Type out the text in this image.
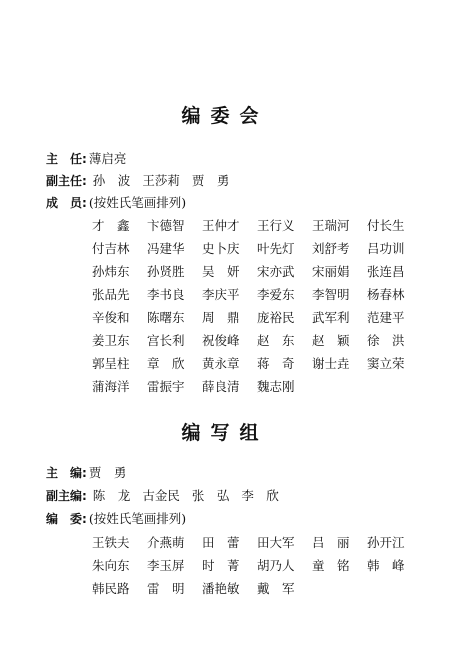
编委会
主　任: 薄启亮
副主任: 孙　波 王莎莉 贾　勇
成　员: (按姓氏笔画排列)
才　鑫	卞德智	王仲才	王行义	王瑞河	付长生
付吉林	冯建华	史卜庆	叶先灯	刘舒考	吕功训
孙炜东	孙贤胜	吴　妍	宋亦武	宋丽娟	张连昌
张品先	李书良	李庆平	李爱东	李智明	杨春林
辛俊和	陈曙东	周　鼎	庞裕民	武军利	范建平
姜卫东	宫长利	祝俊峰	赵　东	赵　颖	徐　洪
郭呈柱	章　欣	黄永章	蒋　奇	谢士垚	窦立荣
蒲海洋	雷振宇	薛良清	魏志刚
编写组
主　编: 贾　勇
副主编: 陈　龙 古金民 张　弘 李　欣
编　委: (按姓氏笔画排列)
王铁夫	介燕萌	田　蕾	田大军	吕　丽	孙开江
朱向东	李玉屏	时　菁	胡乃人	童　铭	韩　峰
韩民路	雷　明	潘艳敏	戴　军
